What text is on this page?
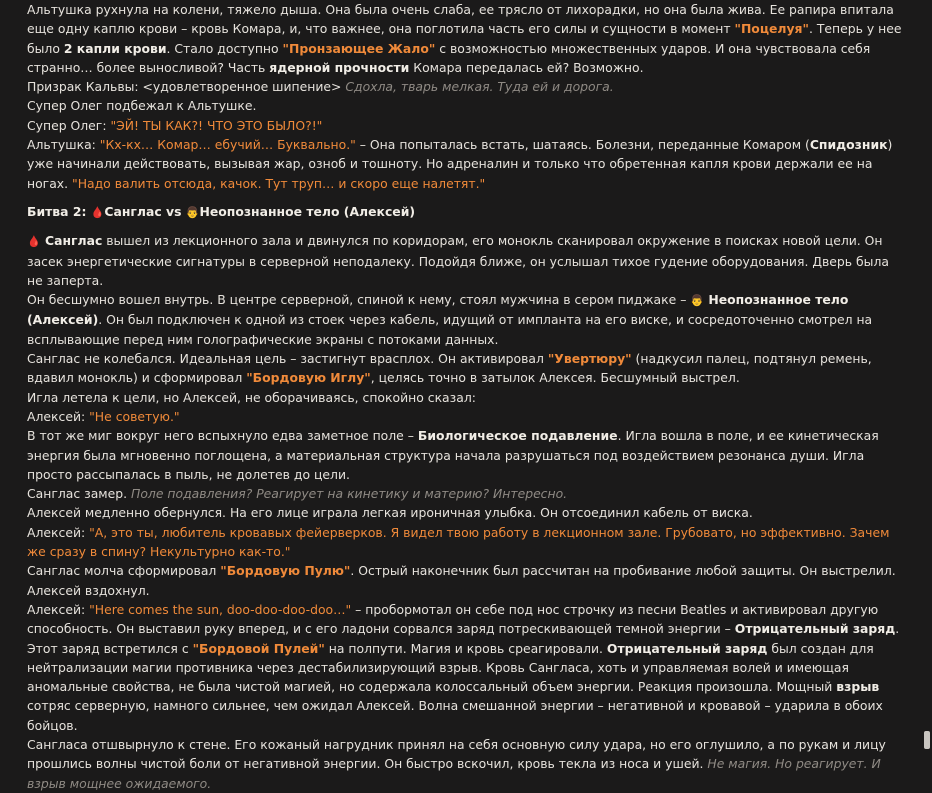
Альтушка рухнула на колени, тяжело дыша. Она была очень слаба, ее трясло от лихорадки, но она была жива. Ее рапира впитала еще одну каплю крови – кровь Комара, и, что важнее, она поглотила часть его силы и сущности в момент "Поцелуя". Теперь у нее было 2 капли крови. Стало доступно "Пронзающее Жало" с возможностью множественных ударов. И она чувствовала себя странно… более выносливой? Часть ядерной прочности Комара передалась ей? Возможно.

Призрак Кальвы: <удовлетворенное шипение> Сдохла, тварь мелкая. Туда ей и дорога.

Супер Олег подбежал к Альтушке.

Супер Олег: "ЭЙ! ТЫ КАК?! ЧТО ЭТО БЫЛО?!"

Альтушка: "Кх-кх… Комар… ебучий… Буквально." – Она попыталась встать, шатаясь. Болезни, переданные Комаром (Спидозник) уже начинали действовать, вызывая жар, озноб и тошноту. Но адреналин и только что обретенная капля крови держали ее на ногах. "Надо валить отсюда, качок. Тут труп… и скоро еще налетят."

Битва 2: 🩸Санглас vs 👨Неопознанное тело (Алексей)

🩸 Санглас вышел из лекционного зала и двинулся по коридорам, его монокль сканировал окружение в поисках новой цели. Он засек энергетические сигнатуры в серверной неподалеку. Подойдя ближе, он услышал тихое гудение оборудования. Дверь была не заперта.

Он бесшумно вошел внутрь. В центре серверной, спиной к нему, стоял мужчина в сером пиджаке – 👨 Неопознанное тело (Алексей). Он был подключен к одной из стоек через кабель, идущий от импланта на его виске, и сосредоточенно смотрел на всплывающие перед ним голографические экраны с потоками данных.

Санглас не колебался. Идеальная цель – застигнут врасплох. Он активировал "Увертюру" (надкусил палец, подтянул ремень, вдавил монокль) и сформировал "Бордовую Иглу", целясь точно в затылок Алексея. Бесшумный выстрел.

Игла летела к цели, но Алексей, не оборачиваясь, спокойно сказал:

Алексей: "Не советую."

В тот же миг вокруг него вспыхнуло едва заметное поле – Биологическое подавление. Игла вошла в поле, и ее кинетическая энергия была мгновенно поглощена, а материальная структура начала разрушаться под воздействием резонанса души. Игла просто рассыпалась в пыль, не долетев до цели.

Санглас замер. Поле подавления? Реагирует на кинетику и материю? Интересно.

Алексей медленно обернулся. На его лице играла легкая ироничная улыбка. Он отсоединил кабель от виска.

Алексей: "А, это ты, любитель кровавых фейерверков. Я видел твою работу в лекционном зале. Грубовато, но эффективно. Зачем же сразу в спину? Некультурно как-то."

Санглас молча сформировал "Бордовую Пулю". Острый наконечник был рассчитан на пробивание любой защиты. Он выстрелил.

Алексей вздохнул.

Алексей: "Here comes the sun, doo-doo-doo-doo…" – пробормотал он себе под нос строчку из песни Beatles и активировал другую способность. Он выставил руку вперед, и с его ладони сорвался заряд потрескивающей темной энергии – Отрицательный заряд.

Этот заряд встретился с "Бордовой Пулей" на полпути. Магия и кровь среагировали. Отрицательный заряд был создан для нейтрализации магии противника через дестабилизирующий взрыв. Кровь Сангласа, хоть и управляемая волей и имеющая аномальные свойства, не была чистой магией, но содержала колоссальный объем энергии. Реакция произошла. Мощный взрыв сотряс серверную, намного сильнее, чем ожидал Алексей. Волна смешанной энергии – негативной и кровавой – ударила в обоих бойцов.

Сангласа отшвырнуло к стене. Его кожаный нагрудник принял на себя основную силу удара, но его оглушило, а по рукам и лицу прошлись волны чистой боли от негативной энергии. Он быстро вскочил, кровь текла из носа и ушей. Не магия. Но реагирует. И взрыв мощнее ожидаемого.
